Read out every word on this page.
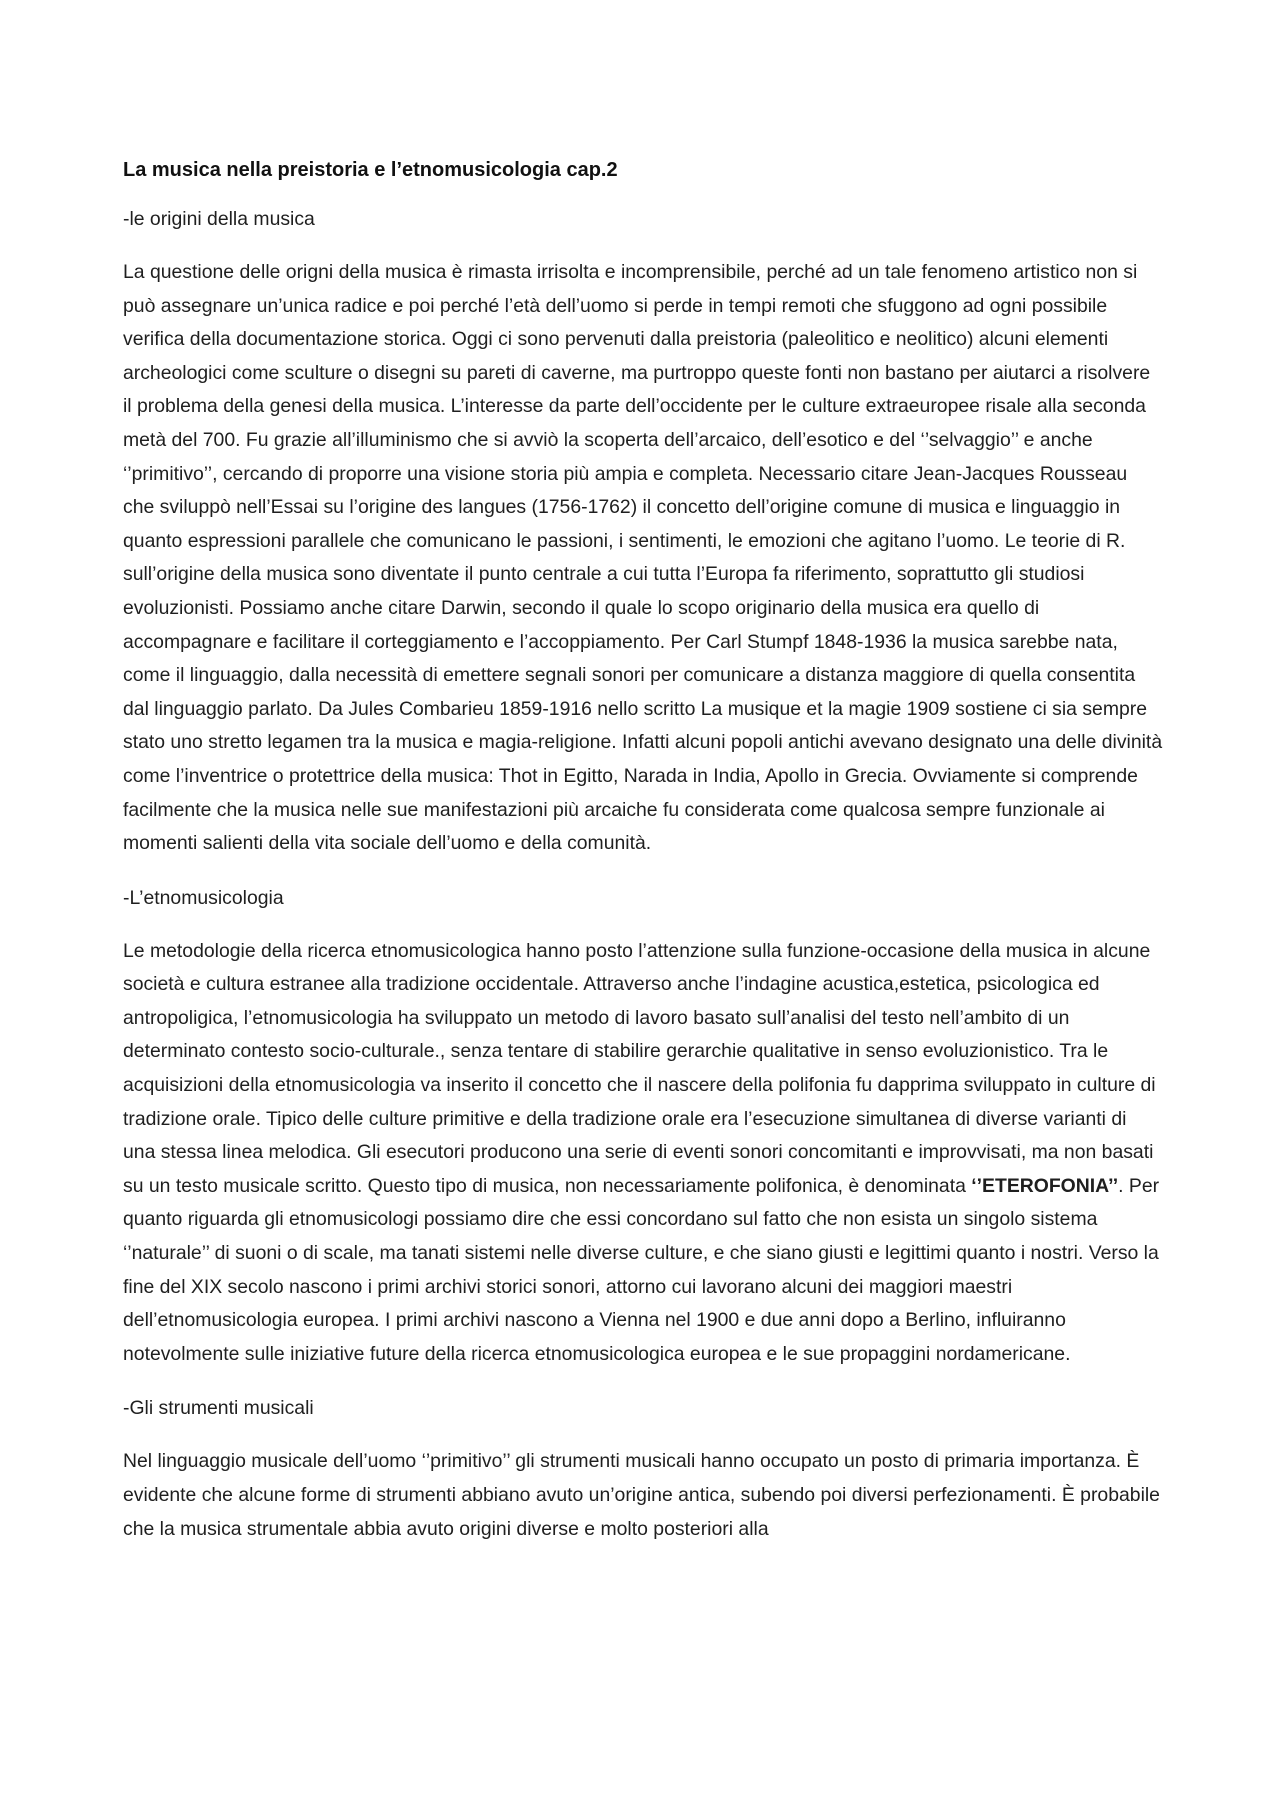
La musica nella preistoria e l’etnomusicologia cap.2
-le origini della musica
La questione delle origni della musica è rimasta irrisolta e incomprensibile, perché ad un tale fenomeno artistico non si può assegnare un’unica radice e poi perché l’età dell’uomo si perde in tempi remoti che sfuggono ad ogni possibile verifica della documentazione storica. Oggi ci sono pervenuti dalla preistoria (paleolitico e neolitico) alcuni elementi archeologici come sculture o disegni su pareti di caverne, ma purtroppo queste fonti non bastano per aiutarci a risolvere il problema della genesi della musica. L’interesse da parte dell’occidente per le culture extraeuropee risale alla seconda metà del 700. Fu grazie all’illuminismo che si avviò la scoperta dell’arcaico, dell’esotico e del ‘’selvaggio’’ e anche ‘’primitivo’’, cercando di proporre una visione storia più ampia e completa. Necessario citare Jean-Jacques Rousseau che sviluppò nell’Essai su l’origine des langues (1756-1762) il concetto dell’origine comune di musica e linguaggio in quanto espressioni parallele che comunicano le passioni, i sentimenti, le emozioni che agitano l’uomo. Le teorie di R. sull’origine della musica sono diventate il punto centrale a cui tutta l’Europa fa riferimento, soprattutto gli studiosi evoluzionisti. Possiamo anche citare Darwin, secondo il quale lo scopo originario della musica era quello di accompagnare e facilitare il corteggiamento e l’accoppiamento. Per Carl Stumpf 1848-1936 la musica sarebbe nata, come il linguaggio, dalla necessità di emettere segnali sonori per comunicare a distanza maggiore di quella consentita dal linguaggio parlato. Da Jules Combarieu 1859-1916 nello scritto La musique et la magie 1909 sostiene ci sia sempre stato uno stretto legamen tra la musica e magia-religione. Infatti alcuni popoli antichi avevano designato una delle divinità come l’inventrice o protettrice della musica: Thot in Egitto, Narada in India, Apollo in Grecia. Ovviamente si comprende facilmente che la musica nelle sue manifestazioni più arcaiche fu considerata come qualcosa sempre funzionale ai momenti salienti della vita sociale dell’uomo e della comunità.
-L’etnomusicologia
Le metodologie della ricerca etnomusicologica hanno posto l’attenzione sulla funzione-occasione della musica in alcune società e cultura estranee alla tradizione occidentale. Attraverso anche l’indagine acustica,estetica, psicologica ed antropoligica, l’etnomusicologia ha sviluppato un metodo di lavoro basato sull’analisi del testo nell’ambito di un determinato contesto socio-culturale., senza tentare di stabilire gerarchie qualitative in senso evoluzionistico. Tra le acquisizioni della etnomusicologia va inserito il concetto che il nascere della polifonia fu dapprima sviluppato in culture di tradizione orale. Tipico delle culture primitive e della tradizione orale era l’esecuzione simultanea di diverse varianti di una stessa linea melodica. Gli esecutori producono una serie di eventi sonori concomitanti e improvvisati, ma non basati su un testo musicale scritto. Questo tipo di musica, non necessariamente polifonica, è denominata ‘’ETEROFONIA’’. Per quanto riguarda gli etnomusicologi possiamo dire che essi concordano sul fatto che non esista un singolo sistema ‘’naturale’’ di suoni o di scale, ma tanati sistemi nelle diverse culture, e che siano giusti e legittimi quanto i nostri. Verso la fine del XIX secolo nascono i primi archivi storici sonori, attorno cui lavorano alcuni dei maggiori maestri dell’etnomusicologia europea. I primi archivi nascono a Vienna nel 1900 e due anni dopo a Berlino, influiranno notevolmente sulle iniziative future della ricerca etnomusicologica europea e le sue propaggini nordamericane.
-Gli strumenti musicali
Nel linguaggio musicale dell’uomo ‘’primitivo’’ gli strumenti musicali hanno occupato un posto di primaria importanza. È evidente che alcune forme di strumenti abbiano avuto un’origine antica, subendo poi diversi perfezionamenti. È probabile che la musica strumentale abbia avuto origini diverse e molto posteriori alla
